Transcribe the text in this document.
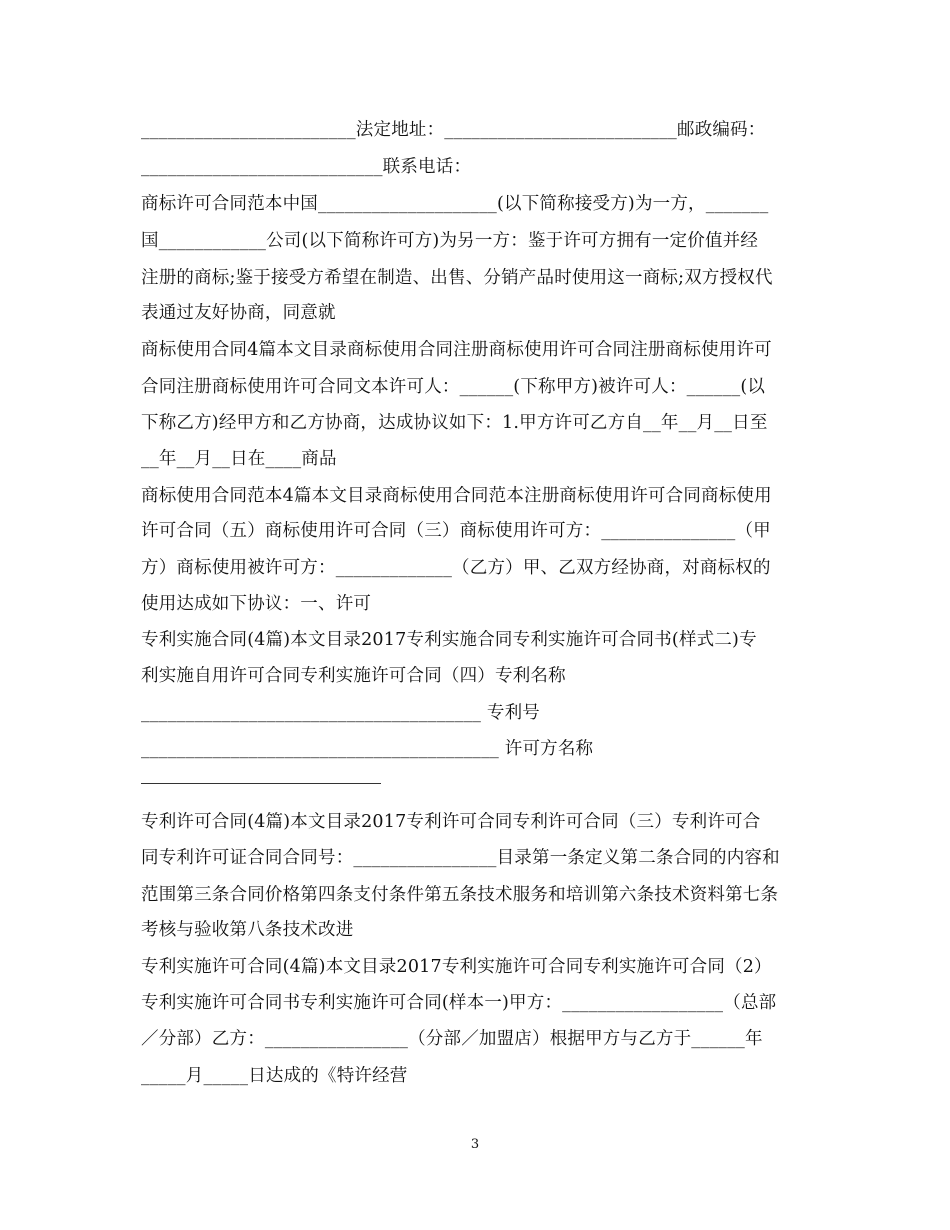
________________________法定地址：__________________________邮政编码：
___________________________联系电话：
商标许可合同范本中国____________________(以下简称接受方)为一方，_______
国____________公司(以下简称许可方)为另一方：鉴于许可方拥有一定价值并经
注册的商标;鉴于接受方希望在制造、出售、分销产品时使用这一商标;双方授权代
表通过友好协商，同意就
商标使用合同4篇本文目录商标使用合同注册商标使用许可合同注册商标使用许可
合同注册商标使用许可合同文本许可人：______(下称甲方)被许可人：______(以
下称乙方)经甲方和乙方协商，达成协议如下：1.甲方许可乙方自__年__月__日至
__年__月__日在____商品
商标使用合同范本4篇本文目录商标使用合同范本注册商标使用许可合同商标使用
许可合同（五）商标使用许可合同（三）商标使用许可方：_______________（甲
方）商标使用被许可方：_____________（乙方）甲、乙双方经协商，对商标权的
使用达成如下协议：一、许可
专利实施合同(4篇)本文目录2017专利实施合同专利实施许可合同书(样式二)专
利实施自用许可合同专利实施许可合同（四）专利名称
______________________________________ 专利号
________________________________________ 许可方名称
专利许可合同(4篇)本文目录2017专利许可合同专利许可合同（三）专利许可合
同专利许可证合同合同号：________________目录第一条定义第二条合同的内容和
范围第三条合同价格第四条支付条件第五条技术服务和培训第六条技术资料第七条
考核与验收第八条技术改进
专利实施许可合同(4篇)本文目录2017专利实施许可合同专利实施许可合同（2）
专利实施许可合同书专利实施许可合同(样本一)甲方：__________________（总部
／分部）乙方：________________（分部／加盟店）根据甲方与乙方于______年
_____月_____日达成的《特许经营
3
